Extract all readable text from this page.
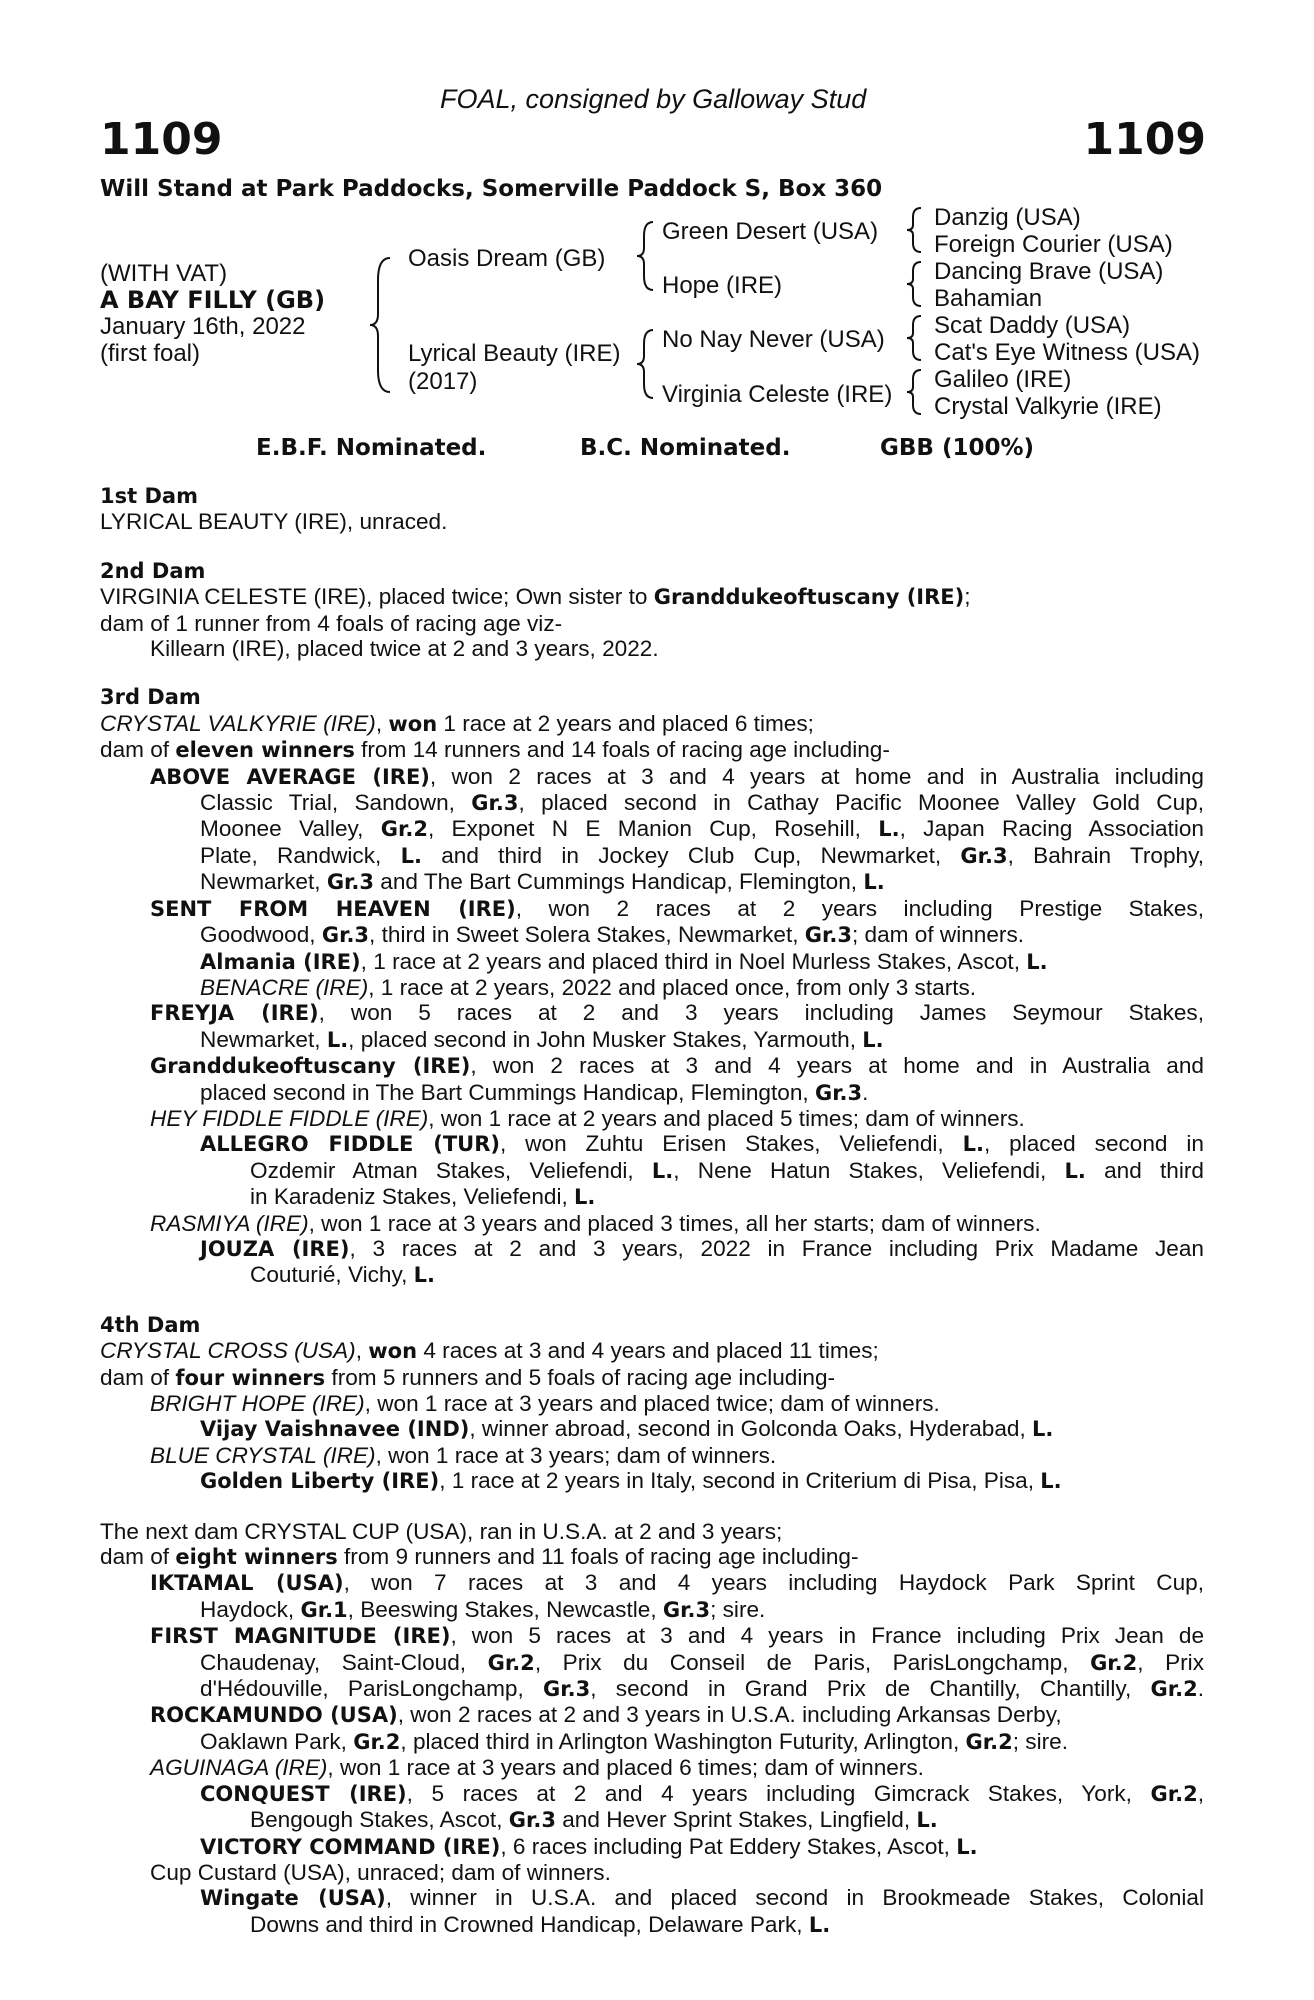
FOAL, consigned by Galloway Stud
1109	1109
Will Stand at Park Paddocks, Somerville Paddock S, Box 360
(WITH VAT)
A BAY FILLY (GB)
January 16th, 2022
(first foal)
Oasis Dream (GB)
Lyrical Beauty (IRE)
(2017)
Green Desert (USA)
Hope (IRE)
No Nay Never (USA)
Virginia Celeste (IRE)
Danzig (USA)
Foreign Courier (USA)
Dancing Brave (USA)
Bahamian
Scat Daddy (USA)
Cat's Eye Witness (USA)
Galileo (IRE)
Crystal Valkyrie (IRE)
E.B.F. Nominated.	B.C. Nominated.	GBB (100%)
1st Dam
LYRICAL BEAUTY (IRE), unraced.
2nd Dam
VIRGINIA CELESTE (IRE), placed twice; Own sister to Granddukeoftuscany (IRE);
dam of 1 runner from 4 foals of racing age viz-
Killearn (IRE), placed twice at 2 and 3 years, 2022.
3rd Dam
CRYSTAL VALKYRIE (IRE), won 1 race at 2 years and placed 6 times;
dam of eleven winners from 14 runners and 14 foals of racing age including-
ABOVE AVERAGE (IRE), won 2 races at 3 and 4 years at home and in Australia including
Classic Trial, Sandown, Gr.3, placed second in Cathay Pacific Moonee Valley Gold Cup,
Moonee Valley, Gr.2, Exponet N E Manion Cup, Rosehill, L., Japan Racing Association
Plate, Randwick, L. and third in Jockey Club Cup, Newmarket, Gr.3, Bahrain Trophy,
Newmarket, Gr.3 and The Bart Cummings Handicap, Flemington, L.
SENT FROM HEAVEN (IRE), won 2 races at 2 years including Prestige Stakes,
Goodwood, Gr.3, third in Sweet Solera Stakes, Newmarket, Gr.3; dam of winners.
Almania (IRE), 1 race at 2 years and placed third in Noel Murless Stakes, Ascot, L.
BENACRE (IRE), 1 race at 2 years, 2022 and placed once, from only 3 starts.
FREYJA (IRE), won 5 races at 2 and 3 years including James Seymour Stakes,
Newmarket, L., placed second in John Musker Stakes, Yarmouth, L.
Granddukeoftuscany (IRE), won 2 races at 3 and 4 years at home and in Australia and
placed second in The Bart Cummings Handicap, Flemington, Gr.3.
HEY FIDDLE FIDDLE (IRE), won 1 race at 2 years and placed 5 times; dam of winners.
ALLEGRO FIDDLE (TUR), won Zuhtu Erisen Stakes, Veliefendi, L., placed second in
Ozdemir Atman Stakes, Veliefendi, L., Nene Hatun Stakes, Veliefendi, L. and third
in Karadeniz Stakes, Veliefendi, L.
RASMIYA (IRE), won 1 race at 3 years and placed 3 times, all her starts; dam of winners.
JOUZA (IRE), 3 races at 2 and 3 years, 2022 in France including Prix Madame Jean
Couturié, Vichy, L.
4th Dam
CRYSTAL CROSS (USA), won 4 races at 3 and 4 years and placed 11 times;
dam of four winners from 5 runners and 5 foals of racing age including-
BRIGHT HOPE (IRE), won 1 race at 3 years and placed twice; dam of winners.
Vijay Vaishnavee (IND), winner abroad, second in Golconda Oaks, Hyderabad, L.
BLUE CRYSTAL (IRE), won 1 race at 3 years; dam of winners.
Golden Liberty (IRE), 1 race at 2 years in Italy, second in Criterium di Pisa, Pisa, L.
The next dam CRYSTAL CUP (USA), ran in U.S.A. at 2 and 3 years;
dam of eight winners from 9 runners and 11 foals of racing age including-
IKTAMAL (USA), won 7 races at 3 and 4 years including Haydock Park Sprint Cup,
Haydock, Gr.1, Beeswing Stakes, Newcastle, Gr.3; sire.
FIRST MAGNITUDE (IRE), won 5 races at 3 and 4 years in France including Prix Jean de
Chaudenay, Saint-Cloud, Gr.2, Prix du Conseil de Paris, ParisLongchamp, Gr.2, Prix
d'Hédouville, ParisLongchamp, Gr.3, second in Grand Prix de Chantilly, Chantilly, Gr.2.
ROCKAMUNDO (USA), won 2 races at 2 and 3 years in U.S.A. including Arkansas Derby,
Oaklawn Park, Gr.2, placed third in Arlington Washington Futurity, Arlington, Gr.2; sire.
AGUINAGA (IRE), won 1 race at 3 years and placed 6 times; dam of winners.
CONQUEST (IRE), 5 races at 2 and 4 years including Gimcrack Stakes, York, Gr.2,
Bengough Stakes, Ascot, Gr.3 and Hever Sprint Stakes, Lingfield, L.
VICTORY COMMAND (IRE), 6 races including Pat Eddery Stakes, Ascot, L.
Cup Custard (USA), unraced; dam of winners.
Wingate (USA), winner in U.S.A. and placed second in Brookmeade Stakes, Colonial
Downs and third in Crowned Handicap, Delaware Park, L.
